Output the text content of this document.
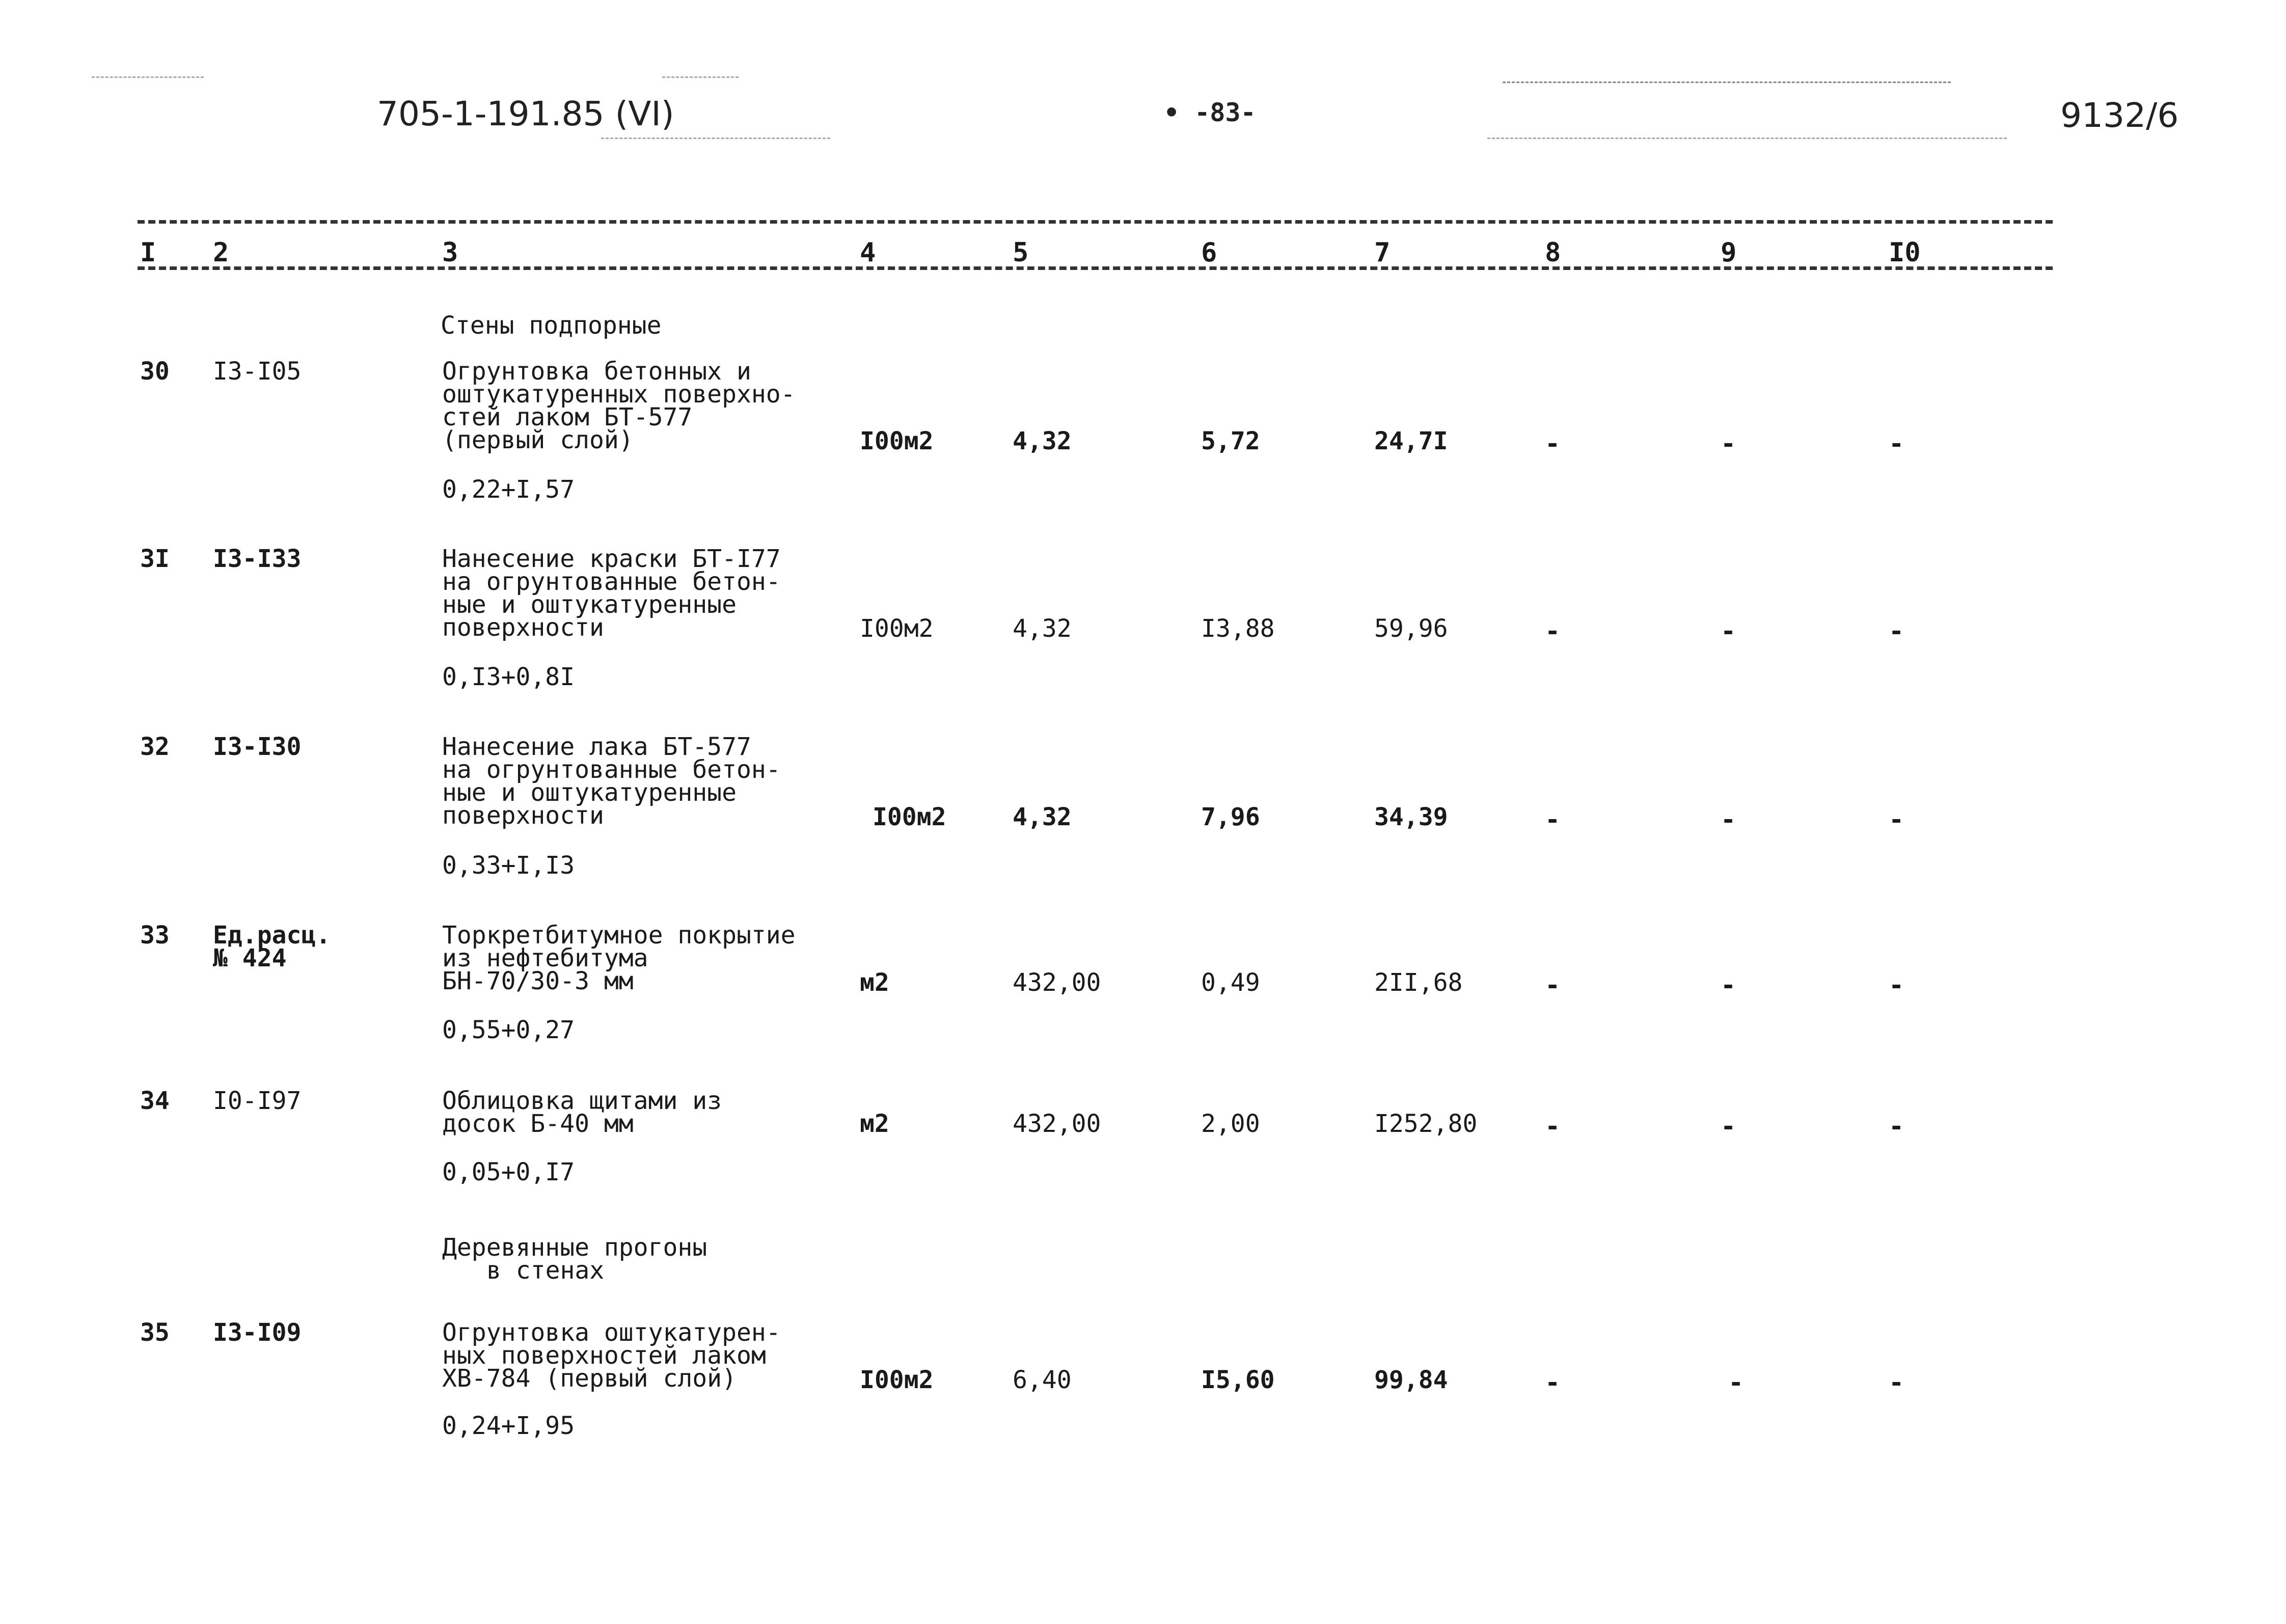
705-1-191.85 (VI)	• -83-	9132/6
I 2	3	4	5	6	7	8	9	I0
Стены подпорные
30 I3-I05	Огрунтовка бетонных и
оштукатуренных поверхно-
стей лаком БТ-577
(первый слой)
0,22+I,57
I00м2	4,32	5,72	24,7I	-	-	-
3I I3-I33	Нанесение краски БТ-I77
на огрунтованные бетон-
ные и оштукатуренные
поверхности
0,I3+0,8I
I00м2	4,32	I3,88	59,96	-	-	-
32 I3-I30	Нанесение лака БТ-577
на огрунтованные бетон-
ные и оштукатуренные
поверхности
0,33+I,I3
I00м2	4,32	7,96	34,39	-	-	-
33 Ед.расц.
№ 424
Торкретбитумное покрытие
из нефтебитума
БН-70/30-3 мм
0,55+0,27
м2	432,00	0,49	2II,68	-	-	-
34 I0-I97	Облицовка щитами из
досок Б-40 мм
0,05+0,I7
м2	432,00	2,00	I252,80	-	-	-
Деревянные прогоны
в стенах
35 I3-I09	Огрунтовка оштукатурен-
ных поверхностей лаком
ХВ-784 (первый слой)
0,24+I,95
I00м2	6,40	I5,60	99,84	-	-	-
